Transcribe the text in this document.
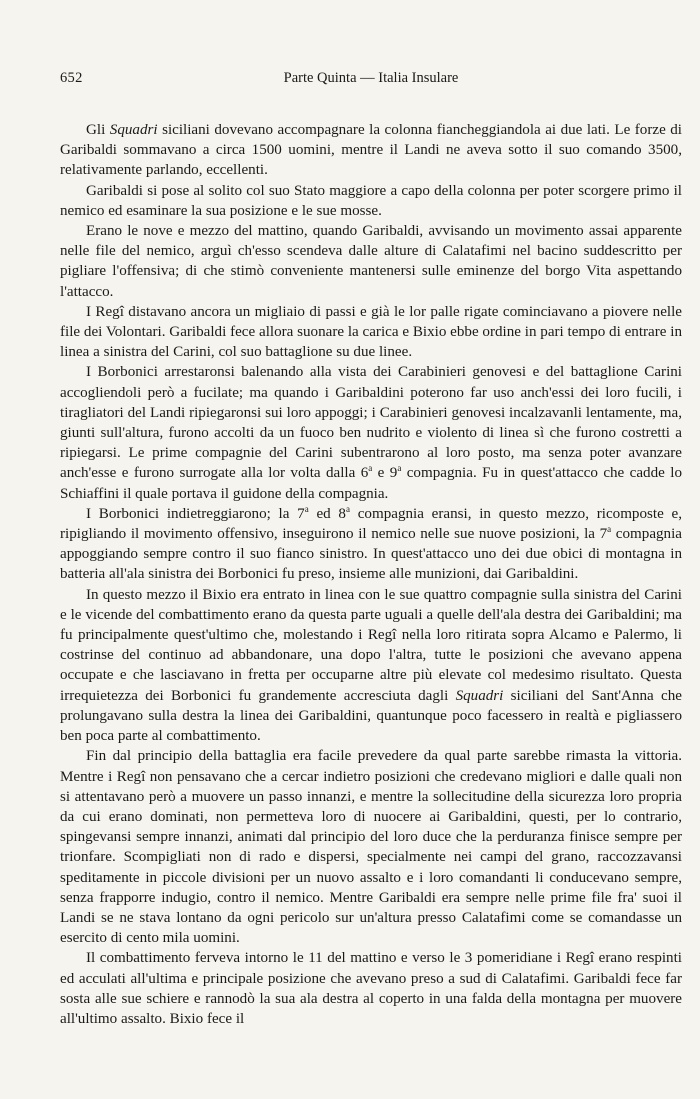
652	Parte Quinta — Italia Insulare

Gli Squadri siciliani dovevano accompagnare la colonna fiancheggiandola ai due lati. Le forze di Garibaldi sommavano a circa 1500 uomini, mentre il Landi ne aveva sotto il suo comando 3500, relativamente parlando, eccellenti.

Garibaldi si pose al solito col suo Stato maggiore a capo della colonna per poter scorgere primo il nemico ed esaminare la sua posizione e le sue mosse.

Erano le nove e mezzo del mattino, quando Garibaldi, avvisando un movimento assai apparente nelle file del nemico, arguì ch'esso scendeva dalle alture di Calatafimi nel bacino suddescritto per pigliare l'offensiva; di che stimò conveniente mantenersi sulle eminenze del borgo Vita aspettando l'attacco.

I Regî distavano ancora un migliaio di passi e già le lor palle rigate cominciavano a piovere nelle file dei Volontari. Garibaldi fece allora suonare la carica e Bixio ebbe ordine in pari tempo di entrare in linea a sinistra del Carini, col suo battaglione su due linee.

I Borbonici arrestaronsi balenando alla vista dei Carabinieri genovesi e del battaglione Carini accogliendoli però a fucilate; ma quando i Garibaldini poterono far uso anch'essi dei loro fucili, i tiragliatori del Landi ripiegaronsi sui loro appoggi; i Carabinieri genovesi incalzavanli lentamente, ma, giunti sull'altura, furono accolti da un fuoco ben nudrito e violento di linea sì che furono costretti a ripiegarsi. Le prime compagnie del Carini subentrarono al loro posto, ma senza poter avanzare anch'esse e furono surrogate alla lor volta dalla 6$^a$ e 9$^a$ compagnia. Fu in quest'attacco che cadde lo Schiaffini il quale portava il guidone della compagnia.

I Borbonici indietreggiarono; la 7$^a$ ed 8$^a$ compagnia eransi, in questo mezzo, ricomposte e, ripigliando il movimento offensivo, inseguirono il nemico nelle sue nuove posizioni, la 7$^a$ compagnia appoggiando sempre contro il suo fianco sinistro. In quest'attacco uno dei due obici di montagna in batteria all'ala sinistra dei Borbonici fu preso, insieme alle munizioni, dai Garibaldini.

In questo mezzo il Bixio era entrato in linea con le sue quattro compagnie sulla sinistra del Carini e le vicende del combattimento erano da questa parte uguali a quelle dell'ala destra dei Garibaldini; ma fu principalmente quest'ultimo che, molestando i Regî nella loro ritirata sopra Alcamo e Palermo, li costrinse del continuo ad abbandonare, una dopo l'altra, tutte le posizioni che avevano appena occupate e che lasciavano in fretta per occuparne altre più elevate col medesimo risultato. Questa irrequietezza dei Borbonici fu grandemente accresciuta dagli Squadri siciliani del Sant'Anna che prolungavano sulla destra la linea dei Garibaldini, quantunque poco facessero in realtà e pigliassero ben poca parte al combattimento.

Fin dal principio della battaglia era facile prevedere da qual parte sarebbe rimasta la vittoria. Mentre i Regî non pensavano che a cercar indietro posizioni che credevano migliori e dalle quali non si attentavano però a muovere un passo innanzi, e mentre la sollecitudine della sicurezza loro propria da cui erano dominati, non permetteva loro di nuocere ai Garibaldini, questi, per lo contrario, spingevansi sempre innanzi, animati dal principio del loro duce che la perduranza finisce sempre per trionfare. Scompigliati non di rado e dispersi, specialmente nei campi del grano, raccozzavansi speditamente in piccole divisioni per un nuovo assalto e i loro comandanti li conducevano sempre, senza frapporre indugio, contro il nemico. Mentre Garibaldi era sempre nelle prime file fra' suoi il Landi se ne stava lontano da ogni pericolo sur un'altura presso Calatafimi come se comandasse un esercito di cento mila uomini.

Il combattimento ferveva intorno le 11 del mattino e verso le 3 pomeridiane i Regî erano respinti ed acculati all'ultima e principale posizione che avevano preso a sud di Calatafimi. Garibaldi fece far sosta alle sue schiere e rannodò la sua ala destra al coperto in una falda della montagna per muovere all'ultimo assalto. Bixio fece il
